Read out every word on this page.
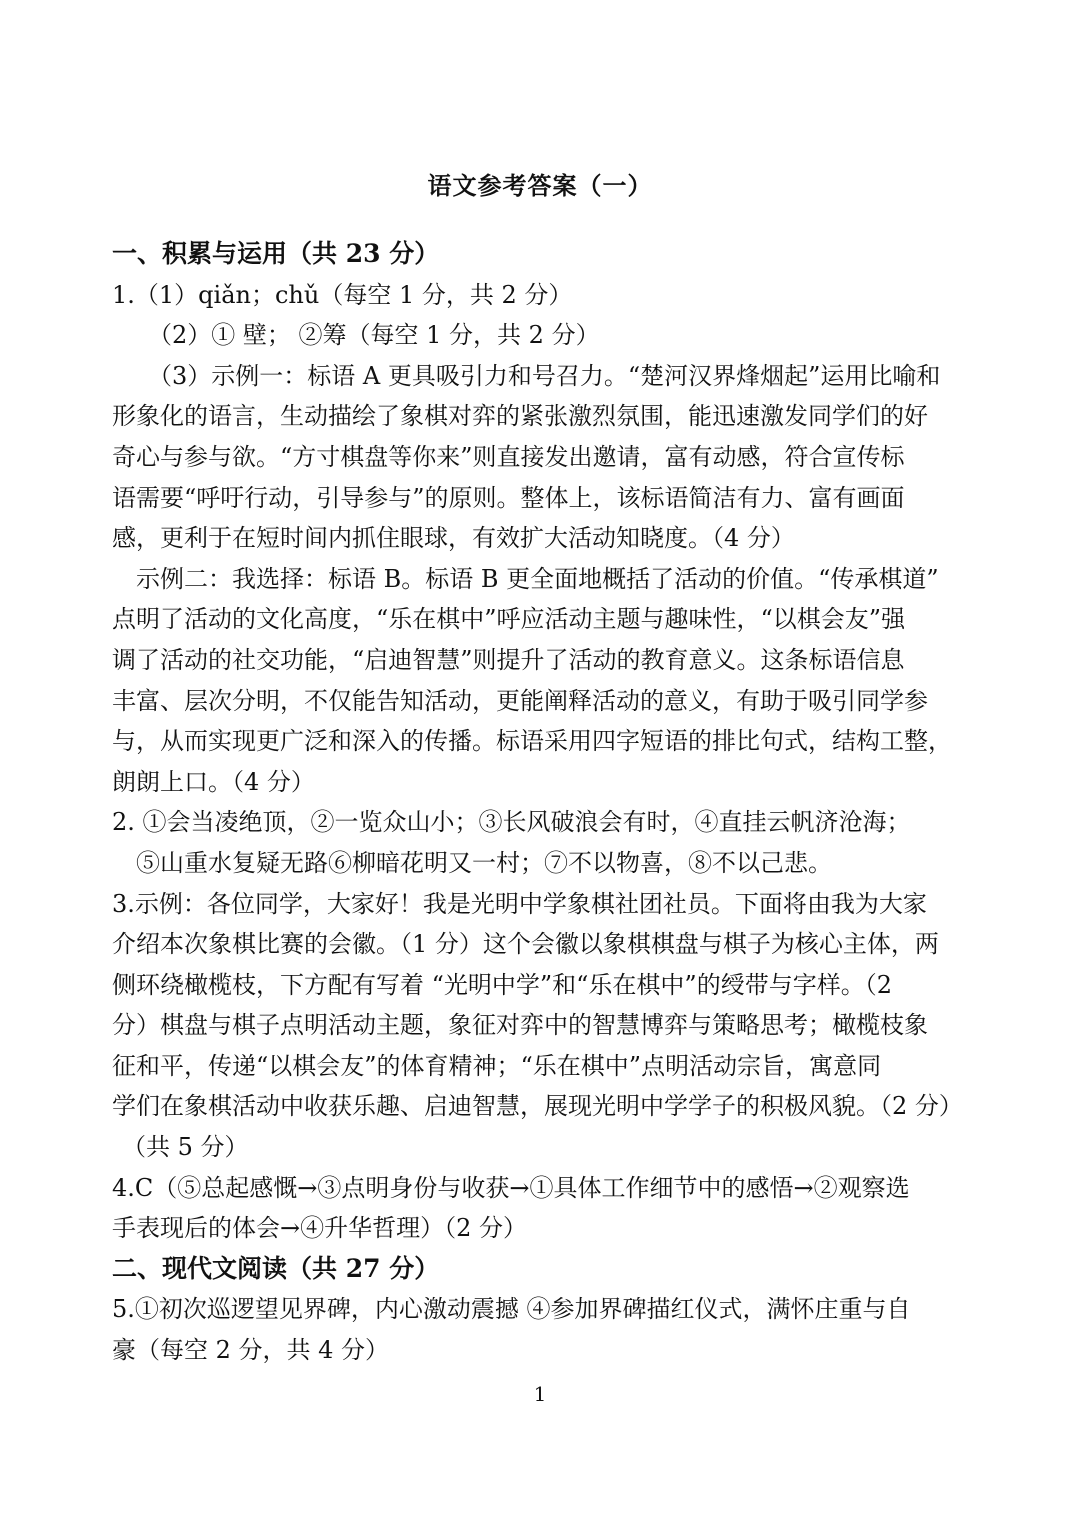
语文参考答案（一）
一、积累与运用（共 23 分）
1.（1）qiǎn；chǔ（每空 1 分，共 2 分）
（2）① 壁； ②筹（每空 1 分，共 2 分）
（3）示例一：标语 A 更具吸引力和号召力。“楚河汉界烽烟起”运用比喻和
形象化的语言，生动描绘了象棋对弈的紧张激烈氛围，能迅速激发同学们的好
奇心与参与欲。“方寸棋盘等你来”则直接发出邀请，富有动感，符合宣传标
语需要“呼吁行动，引导参与”的原则。整体上，该标语简洁有力、富有画面
感，更利于在短时间内抓住眼球，有效扩大活动知晓度。（4 分）
示例二：我选择：标语 B。标语 B 更全面地概括了活动的价值。“传承棋道”
点明了活动的文化高度，“乐在棋中”呼应活动主题与趣味性，“以棋会友”强
调了活动的社交功能，“启迪智慧”则提升了活动的教育意义。这条标语信息
丰富、层次分明，不仅能告知活动，更能阐释活动的意义，有助于吸引同学参
与，从而实现更广泛和深入的传播。标语采用四字短语的排比句式，结构工整，
朗朗上口。（4 分）
2. ①会当凌绝顶，②一览众山小；③长风破浪会有时，④直挂云帆济沧海；
⑤山重水复疑无路⑥柳暗花明又一村；⑦不以物喜，⑧不以己悲。
3.示例：各位同学，大家好！我是光明中学象棋社团社员。下面将由我为大家
介绍本次象棋比赛的会徽。（1 分）这个会徽以象棋棋盘与棋子为核心主体，两
侧环绕橄榄枝，下方配有写着 “光明中学”和“乐在棋中”的绶带与字样。（2
分）棋盘与棋子点明活动主题，象征对弈中的智慧博弈与策略思考；橄榄枝象
征和平，传递“以棋会友”的体育精神；“乐在棋中”点明活动宗旨，寓意同
学们在象棋活动中收获乐趣、启迪智慧，展现光明中学学子的积极风貌。（2 分）
（共 5 分）
4.C（⑤总起感慨→③点明身份与收获→①具体工作细节中的感悟→②观察选
手表现后的体会→④升华哲理）（2 分）
二、现代文阅读（共 27 分）
5.①初次巡逻望见界碑，内心激动震撼 ④参加界碑描红仪式，满怀庄重与自
豪（每空 2 分，共 4 分）
1
